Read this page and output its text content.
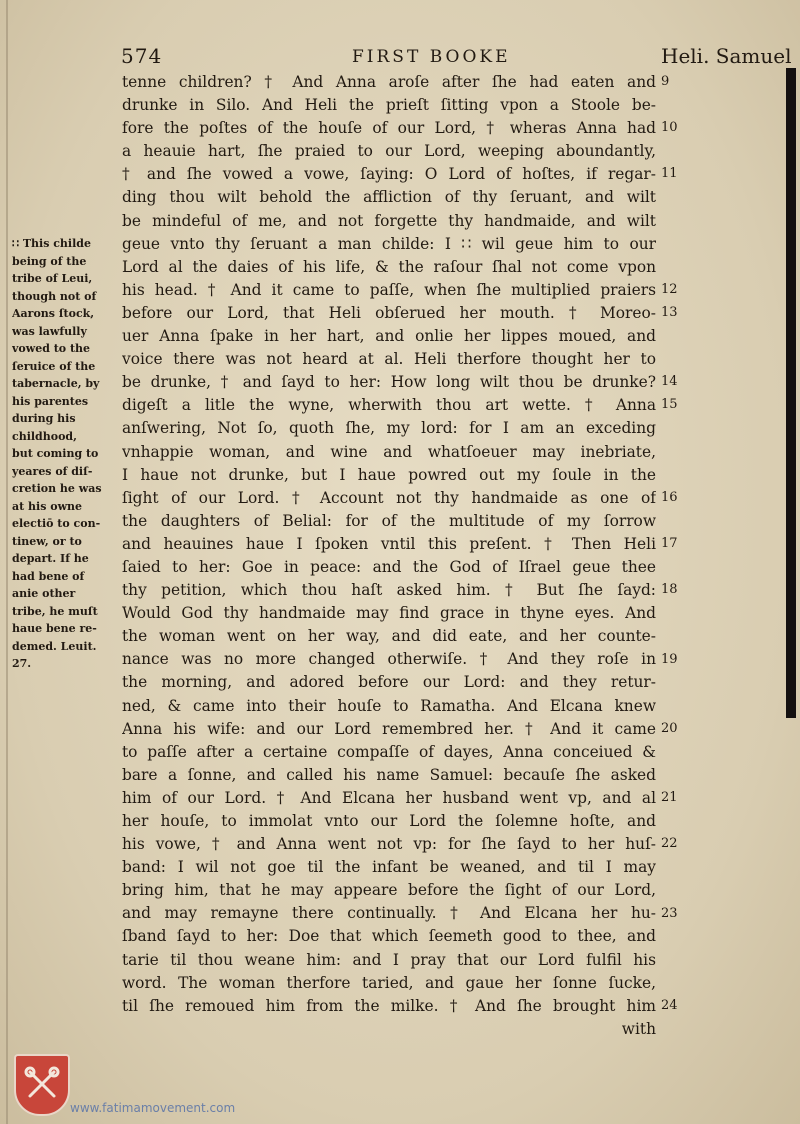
574	FIRST BOOKE	Heli. Samuel
∷ This childe
being of the
tribe of Leui,
though not of
Aarons ſtock,
was lawfully
vowed to the
ſeruice of the
tabernacle, by
his parentes
during his
childhood,
but coming to
yeares of diſ-
cretion he was
at his owne
electiō to con-
tinew, or to
depart. If he
had bene of
anie other
tribe, he muſt
haue bene re-
demed. Leuit.
27.
tenne children? † And Anna aroſe after ſhe had eaten and
drunke in Silo. And Heli the prieſt ſitting vpon a Stoole be-
fore the poſtes of the houſe of our Lord, † wheras Anna had
a heauie hart, ſhe praied to our Lord, weeping aboundantly,
† and ſhe vowed a vowe, ſaying: O Lord of hoſtes, if regar-
ding thou wilt behold the affliction of thy ſeruant, and wilt
be mindeful of me, and not forgette thy handmaide, and wilt
geue vnto thy ſeruant a man childe: I ∷ wil geue him to our
Lord al the daies of his life, & the raſour ſhal not come vpon
his head. † And it came to paſſe, when ſhe multiplied praiers
before our Lord, that Heli obſerued her mouth. † Moreo-
uer Anna ſpake in her hart, and onlie her lippes moued, and
voice there was not heard at al. Heli therfore thought her to
be drunke, † and ſayd to her: How long wilt thou be drunke?
digeſt a litle the wyne, wherwith thou art wette. † Anna
anſwering, Not ſo, quoth ſhe, my lord: for I am an exceding
vnhappie woman, and wine and whatſoeuer may inebriate,
I haue not drunke, but I haue powred out my ſoule in the
ſight of our Lord. † Account not thy handmaide as one of
the daughters of Belial: for of the multitude of my ſorrow
and heauines haue I ſpoken vntil this preſent. † Then Heli
ſaied to her: Goe in peace: and the God of Iſrael geue thee
thy petition, which thou haſt asked him. † But ſhe ſayd:
Would God thy handmaide may find grace in thyne eyes. And
the woman went on her way, and did eate, and her counte-
nance was no more changed otherwiſe. † And they roſe in
the morning, and adored before our Lord: and they retur-
ned, & came into their houſe to Ramatha. And Elcana knew
Anna his wife: and our Lord remembred her. † And it came
to paſſe after a certaine compaſſe of dayes, Anna conceiued &
bare a ſonne, and called his name Samuel: becauſe ſhe asked
him of our Lord. † And Elcana her husband went vp, and al
her houſe, to immolat vnto our Lord the ſolemne hoſte, and
his vowe, † and Anna went not vp: for ſhe ſayd to her huſ-
band: I wil not goe til the infant be weaned, and til I may
bring him, that he may appeare before the ſight of our Lord,
and may remayne there continually. † And Elcana her hu-
ſband ſayd to her: Doe that which ſeemeth good to thee, and
tarie til thou weane him: and I pray that our Lord fulfil his
word. The woman therfore taried, and gaue her ſonne ſucke,
til ſhe remoued him from the milke. † And ſhe brought him
with
9
10
11
12
13
14
15
16
17
18
19
20
21
22
23
24
www.fatimamovement.com
